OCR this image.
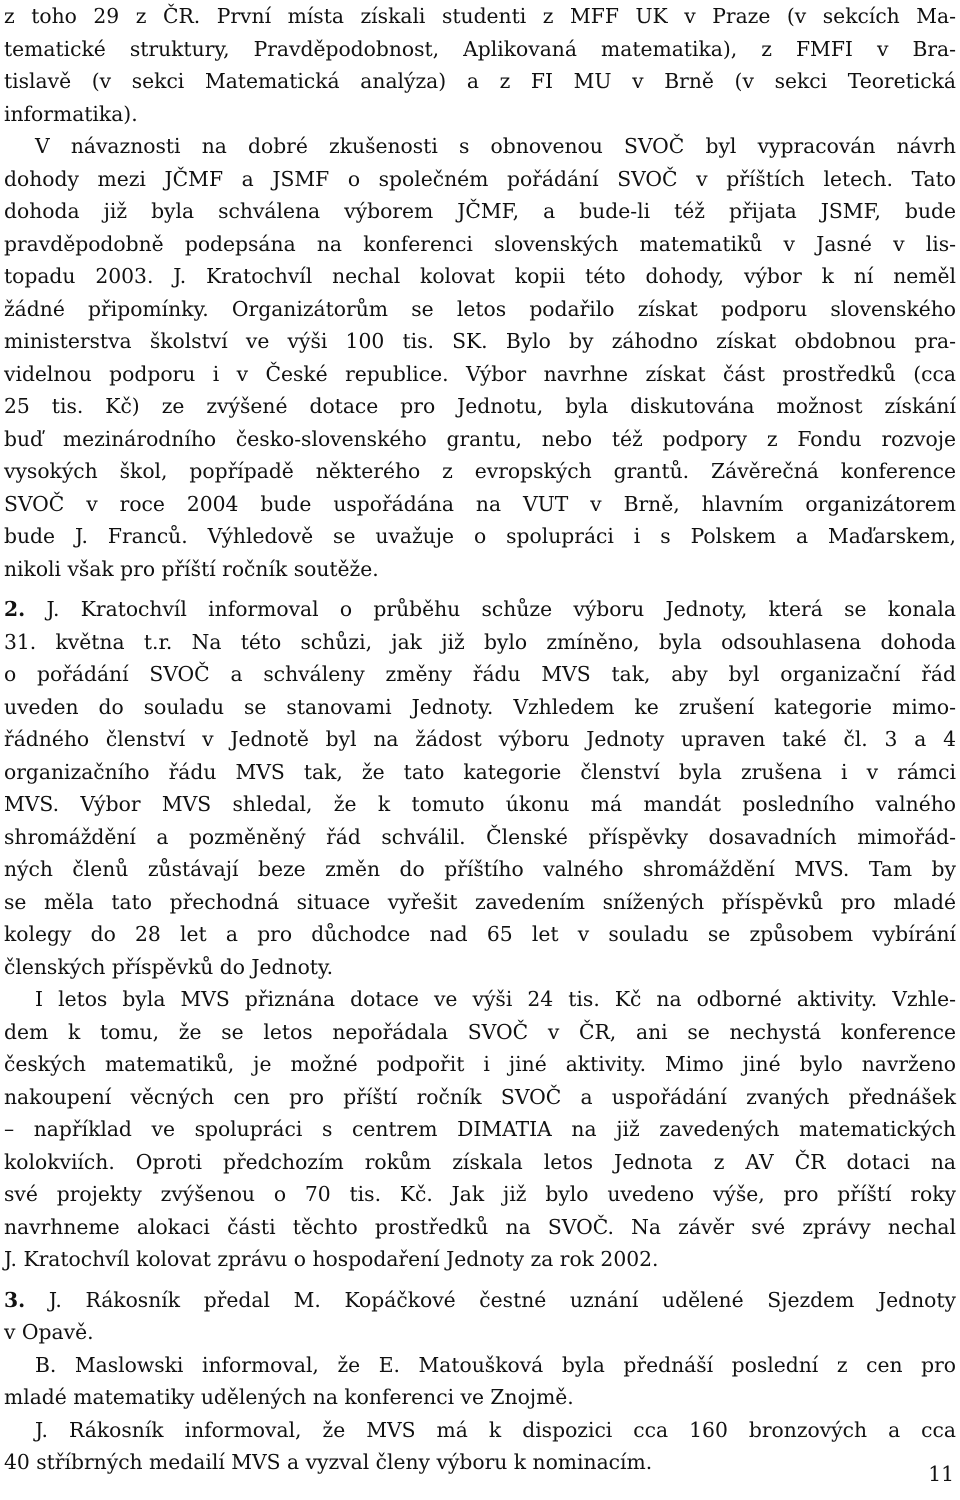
z toho 29 z ČR. První místa získali studenti z MFF UK v Praze (v sekcích Ma-
tematické struktury, Pravděpodobnost, Aplikovaná matematika), z FMFI v Bra-
tislavě (v sekci Matematická analýza) a z FI MU v Brně (v sekci Teoretická
informatika).
V návaznosti na dobré zkušenosti s obnovenou SVOČ byl vypracován návrh
dohody mezi JČMF a JSMF o společném pořádání SVOČ v příštích letech. Tato
dohoda již byla schválena výborem JČMF, a bude-li též přijata JSMF, bude
pravděpodobně podepsána na konferenci slovenských matematiků v Jasné v lis-
topadu 2003. J. Kratochvíl nechal kolovat kopii této dohody, výbor k ní neměl
žádné připomínky. Organizátorům se letos podařilo získat podporu slovenského
ministerstva školství ve výši 100 tis. SK. Bylo by záhodno získat obdobnou pra-
videlnou podporu i v České republice. Výbor navrhne získat část prostředků (cca
25 tis. Kč) ze zvýšené dotace pro Jednotu, byla diskutována možnost získání
buď mezinárodního česko-slovenského grantu, nebo též podpory z Fondu rozvoje
vysokých škol, popřípadě některého z evropských grantů. Závěrečná konference
SVOČ v roce 2004 bude uspořádána na VUT v Brně, hlavním organizátorem
bude J. Franců. Výhledově se uvažuje o spolupráci i s Polskem a Maďarskem,
nikoli však pro příští ročník soutěže.
2. J. Kratochvíl informoval o průběhu schůze výboru Jednoty, která se konala
31. května t.r. Na této schůzi, jak již bylo zmíněno, byla odsouhlasena dohoda
o pořádání SVOČ a schváleny změny řádu MVS tak, aby byl organizační řád
uveden do souladu se stanovami Jednoty. Vzhledem ke zrušení kategorie mimo-
řádného členství v Jednotě byl na žádost výboru Jednoty upraven také čl. 3 a 4
organizačního řádu MVS tak, že tato kategorie členství byla zrušena i v rámci
MVS. Výbor MVS shledal, že k tomuto úkonu má mandát posledního valného
shromáždění a pozměněný řád schválil. Členské příspěvky dosavadních mimořád-
ných členů zůstávají beze změn do příštího valného shromáždění MVS. Tam by
se měla tato přechodná situace vyřešit zavedením snížených příspěvků pro mladé
kolegy do 28 let a pro důchodce nad 65 let v souladu se způsobem vybírání
členských příspěvků do Jednoty.
I letos byla MVS přiznána dotace ve výši 24 tis. Kč na odborné aktivity. Vzhle-
dem k tomu, že se letos nepořádala SVOČ v ČR, ani se nechystá konference
českých matematiků, je možné podpořit i jiné aktivity. Mimo jiné bylo navrženo
nakoupení věcných cen pro příští ročník SVOČ a uspořádání zvaných přednášek
– například ve spolupráci s centrem DIMATIA na již zavedených matematických
kolokviích. Oproti předchozím rokům získala letos Jednota z AV ČR dotaci na
své projekty zvýšenou o 70 tis. Kč. Jak již bylo uvedeno výše, pro příští roky
navrhneme alokaci části těchto prostředků na SVOČ. Na závěr své zprávy nechal
J. Kratochvíl kolovat zprávu o hospodaření Jednoty za rok 2002.
3. J. Rákosník předal M. Kopáčkové čestné uznání udělené Sjezdem Jednoty
v Opavě.
B. Maslowski informoval, že E. Matoušková byla přednáší poslední z cen pro
mladé matematiky udělených na konferenci ve Znojmě.
J. Rákosník informoval, že MVS má k dispozici cca 160 bronzových a cca
40 stříbrných medailí MVS a vyzval členy výboru k nominacím.	11
